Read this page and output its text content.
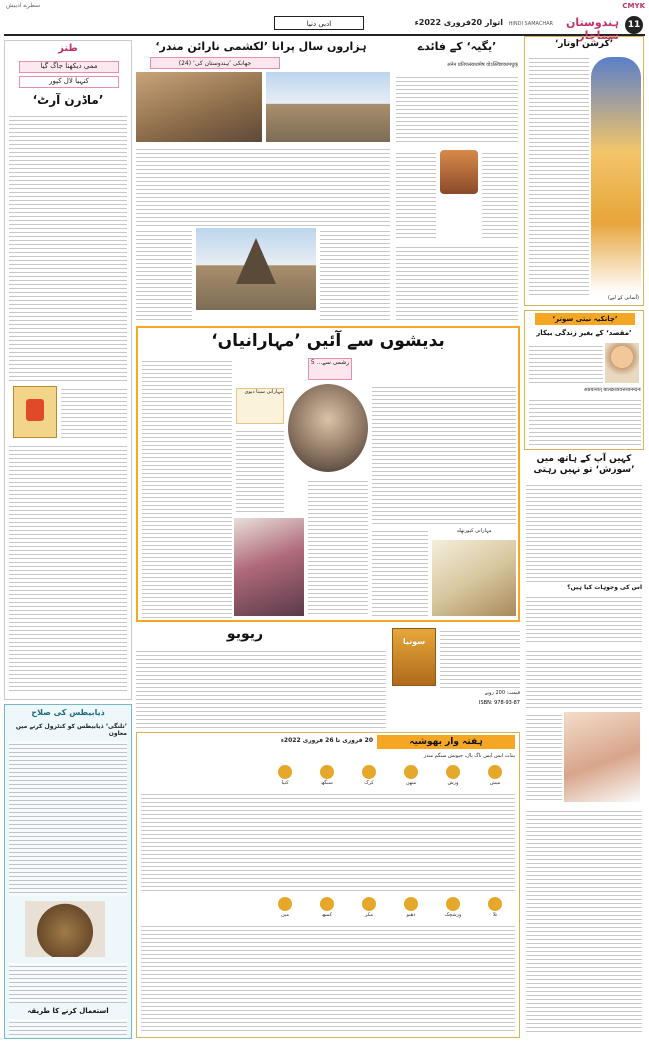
CMYK
سطرے ادبیش
11
ہندوستان سماچار
HINDI SAMACHAR
اتوار 20فروری 2022ء
ادبی دنیا
طنز
ممی دیکھنا جاگ گیا
کنہیا لال کپور
’ماڈرن آرٹ‘
ذیابیطس کی صلاح
’تلنگی‘ ذیابیطس کو کنٹرول کرنے میں معاون
استعمال کرنے کا طریقہ
ہزاروں سال پرانا ’لکشمی نارائن مندر‘
جھانکی ’ہندوستان کی‘ (24)
’یگیہ‘ کے فائدے
अनेन प्रतिपत्स्यध्वमेष वोऽस्त्विष्टकामधुक्
’کرشن اوتار‘
(آسانی کے لیے)
’چانکیہ نیتی سوتر‘
’مقصد‘ کے بغیر زندگی بیکار
अप्रयत्नात् बालक्रव्यवत्तव्यनन्दनः
بدیشوں سے آئیں ’مہارانیاں‘
رشمی سے... 5
مہارانی سیتا دیوی
مہارانی کپورتھلہ
کہیں آپ کے ہاتھ میں ’سوزش‘ تو نہیں رہتی
اس کی وجوہات کیا ہیں؟
ریویو	سونیا
قیمت: 200 روپے
ISBN: 978-93-87
ہفتہ وار بھوشیہ
20 فروری تا 26 فروری 2022ء
پنڈت ایس ایس ناگ پال، جیوتش سنگم مندر
میش
ورش
متھن
کرک
سنگھ
کنیا
تلا
ورشچک
دھنو
مکر
کمبھ
مین
